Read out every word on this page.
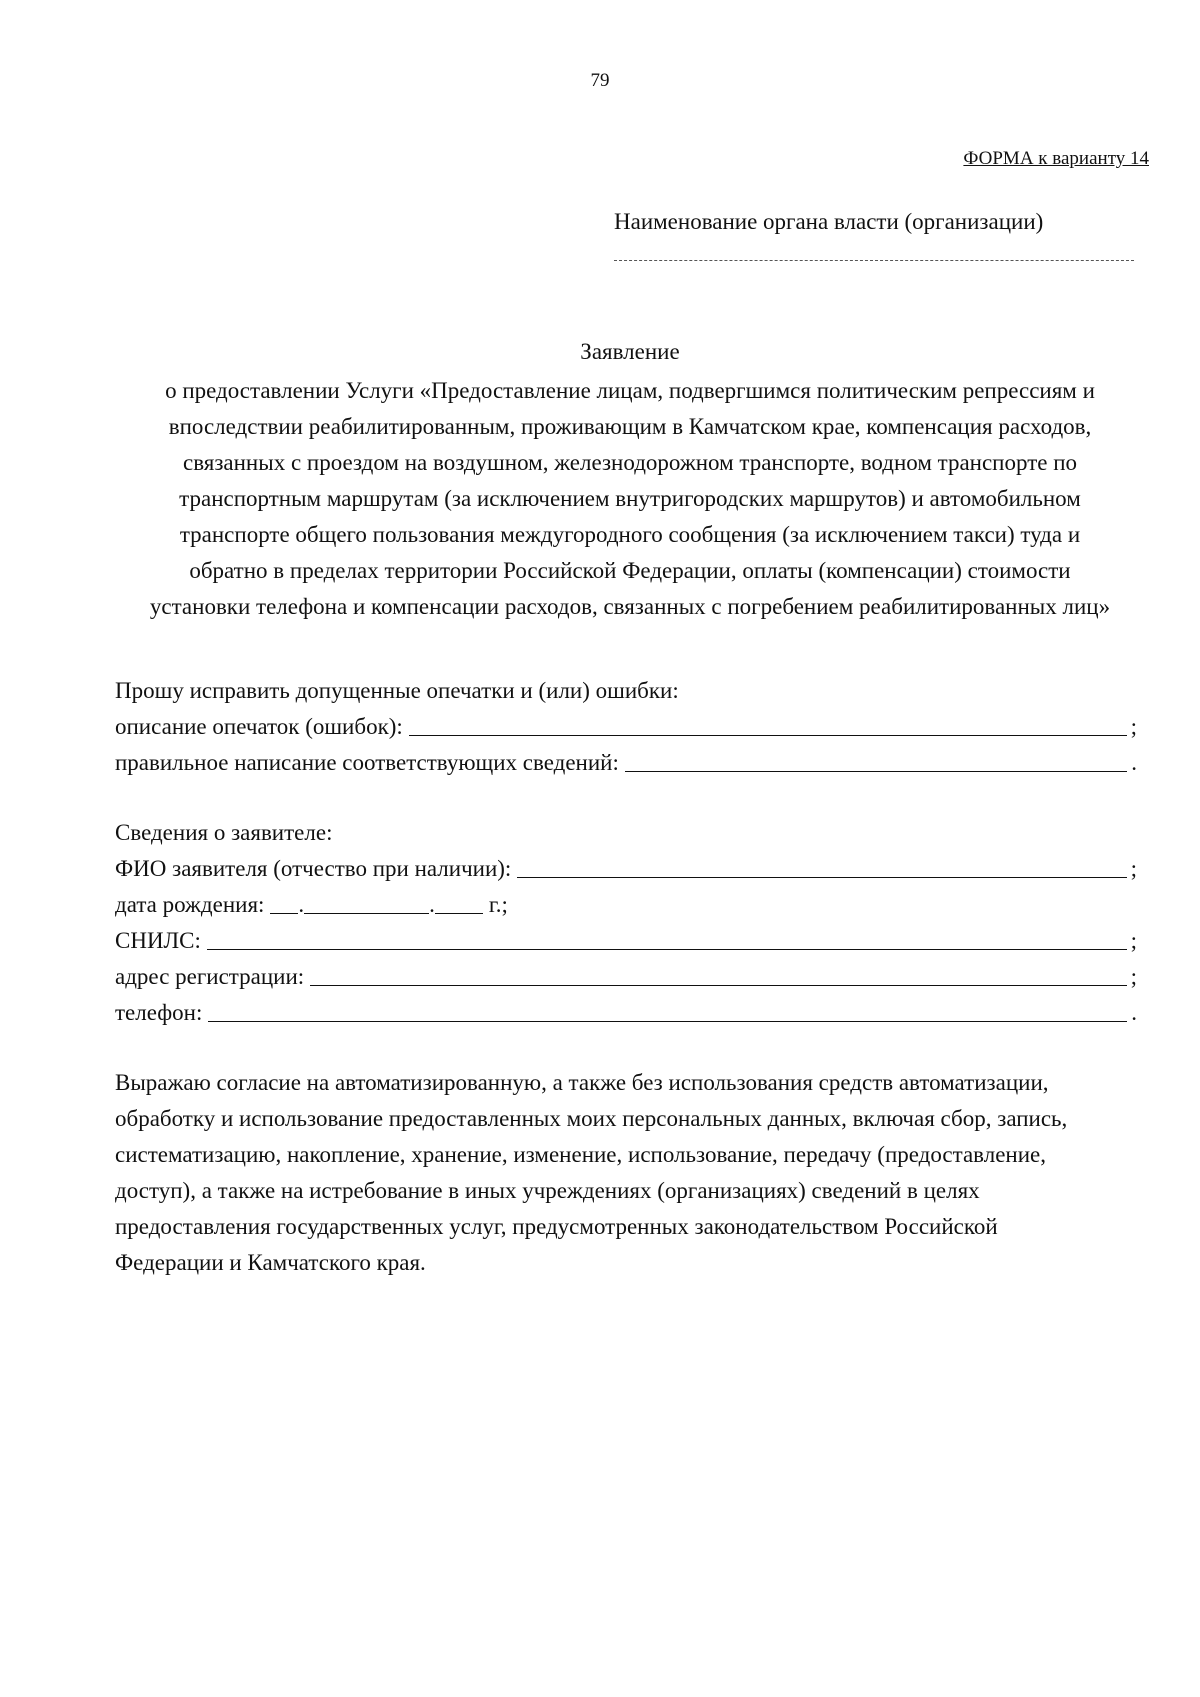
79
ФОРМА к варианту 14
Наименование органа власти (организации)
Заявление
о предоставлении Услуги «Предоставление лицам, подвергшимся политическим репрессиям и
впоследствии реабилитированным, проживающим в Камчатском крае, компенсация расходов,
связанных с проездом на воздушном, железнодорожном транспорте, водном транспорте по
транспортным маршрутам (за исключением внутригородских маршрутов) и автомобильном
транспорте общего пользования междугородного сообщения (за исключением такси) туда и
обратно в пределах территории Российской Федерации, оплаты (компенсации) стоимости
установки телефона и компенсации расходов, связанных с погребением реабилитированных лиц»
Прошу исправить допущенные опечатки и (или) ошибки:
описание опечаток (ошибок):	;
правильное написание соответствующих сведений:	.
Сведения о заявителе:
ФИО заявителя (отчество при наличии):	;
дата рождения: .	. г.;
СНИЛС:	;
адрес регистрации:	;
телефон:	.
Выражаю согласие на автоматизированную, а также без использования средств автоматизации,
обработку и использование предоставленных моих персональных данных, включая сбор, запись,
систематизацию, накопление, хранение, изменение, использование, передачу (предоставление,
доступ), а также на истребование в иных учреждениях (организациях) сведений в целях
предоставления государственных услуг, предусмотренных законодательством Российской
Федерации и Камчатского края.
